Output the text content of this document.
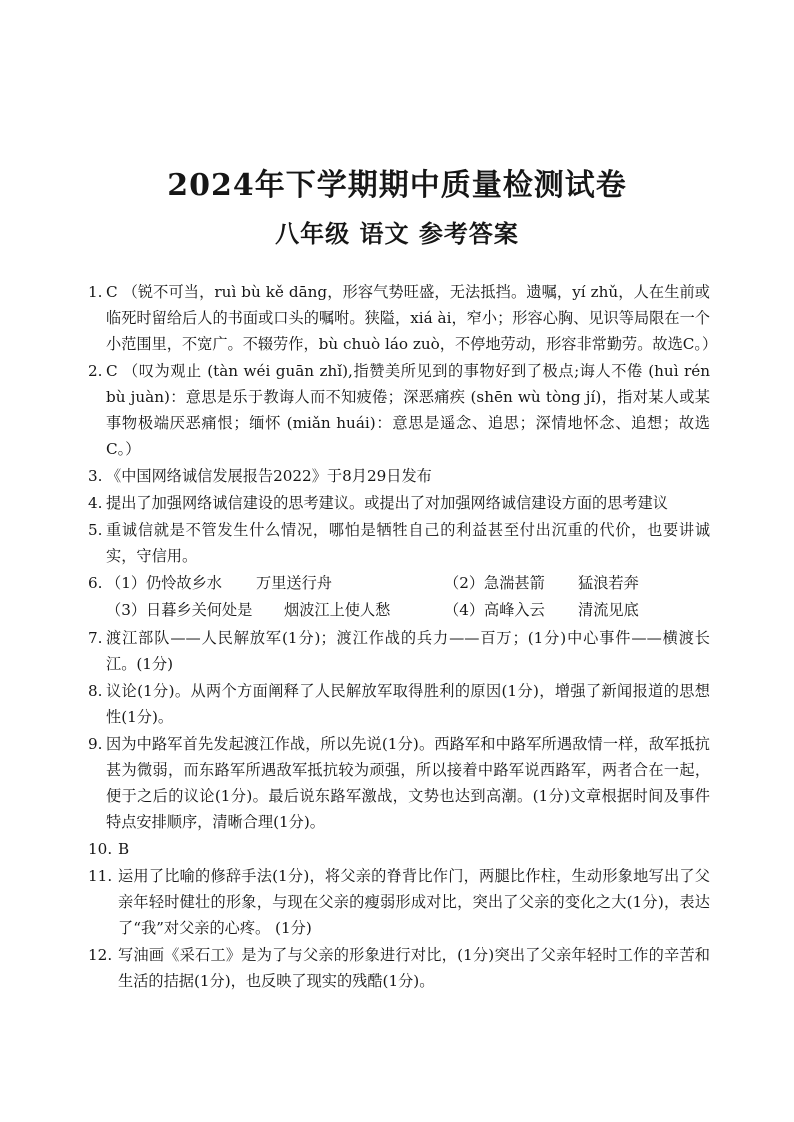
2024年下学期期中质量检测试卷
八年级 语文 参考答案
1. C （锐不可当，ruì bù kě dāng，形容气势旺盛，无法抵挡。遗嘱，yí zhǔ，人在生前或临死时留给后人的书面或口头的嘱咐。狭隘，xiá ài，窄小；形容心胸、见识等局限在一个小范围里，不宽广。不辍劳作，bù chuò láo zuò，不停地劳动，形容非常勤劳。故选C。）
2. C （叹为观止 (tàn wéi guān zhǐ),指赞美所见到的事物好到了极点;诲人不倦 (huì rén bù juàn)：意思是乐于教诲人而不知疲倦；深恶痛疾 (shēn wù tòng jí)，指对某人或某事物极端厌恶痛恨；缅怀 (miǎn huái)：意思是遥念、追思；深情地怀念、追想；故选C。）
3. 《中国网络诚信发展报告2022》于8月29日发布
4. 提出了加强网络诚信建设的思考建议。或提出了对加强网络诚信建设方面的思考建议
5. 重诚信就是不管发生什么情况，哪怕是牺牲自己的利益甚至付出沉重的代价，也要讲诚实，守信用。
6. （1）仍怜故乡水	万里送行舟	（2）急湍甚箭	猛浪若奔
（3）日暮乡关何处是	烟波江上使人愁	（4）高峰入云	清流见底
7. 渡江部队——人民解放军(1分)；渡江作战的兵力——百万；(1分)中心事件——横渡长江。(1分)
8. 议论(1分)。从两个方面阐释了人民解放军取得胜利的原因(1分)，增强了新闻报道的思想性(1分)。
9. 因为中路军首先发起渡江作战，所以先说(1分)。西路军和中路军所遇敌情一样，敌军抵抗甚为微弱，而东路军所遇敌军抵抗较为顽强，所以接着中路军说西路军，两者合在一起，便于之后的议论(1分)。最后说东路军激战，文势也达到高潮。(1分)文章根据时间及事件特点安排顺序，清晰合理(1分)。
10. B
11. 运用了比喻的修辞手法(1分)，将父亲的脊背比作门，两腿比作柱，生动形象地写出了父亲年轻时健壮的形象，与现在父亲的瘦弱形成对比，突出了父亲的变化之大(1分)，表达了“我”对父亲的心疼。 (1分)
12. 写油画《采石工》是为了与父亲的形象进行对比，(1分)突出了父亲年轻时工作的辛苦和生活的拮据(1分)，也反映了现实的残酷(1分)。
